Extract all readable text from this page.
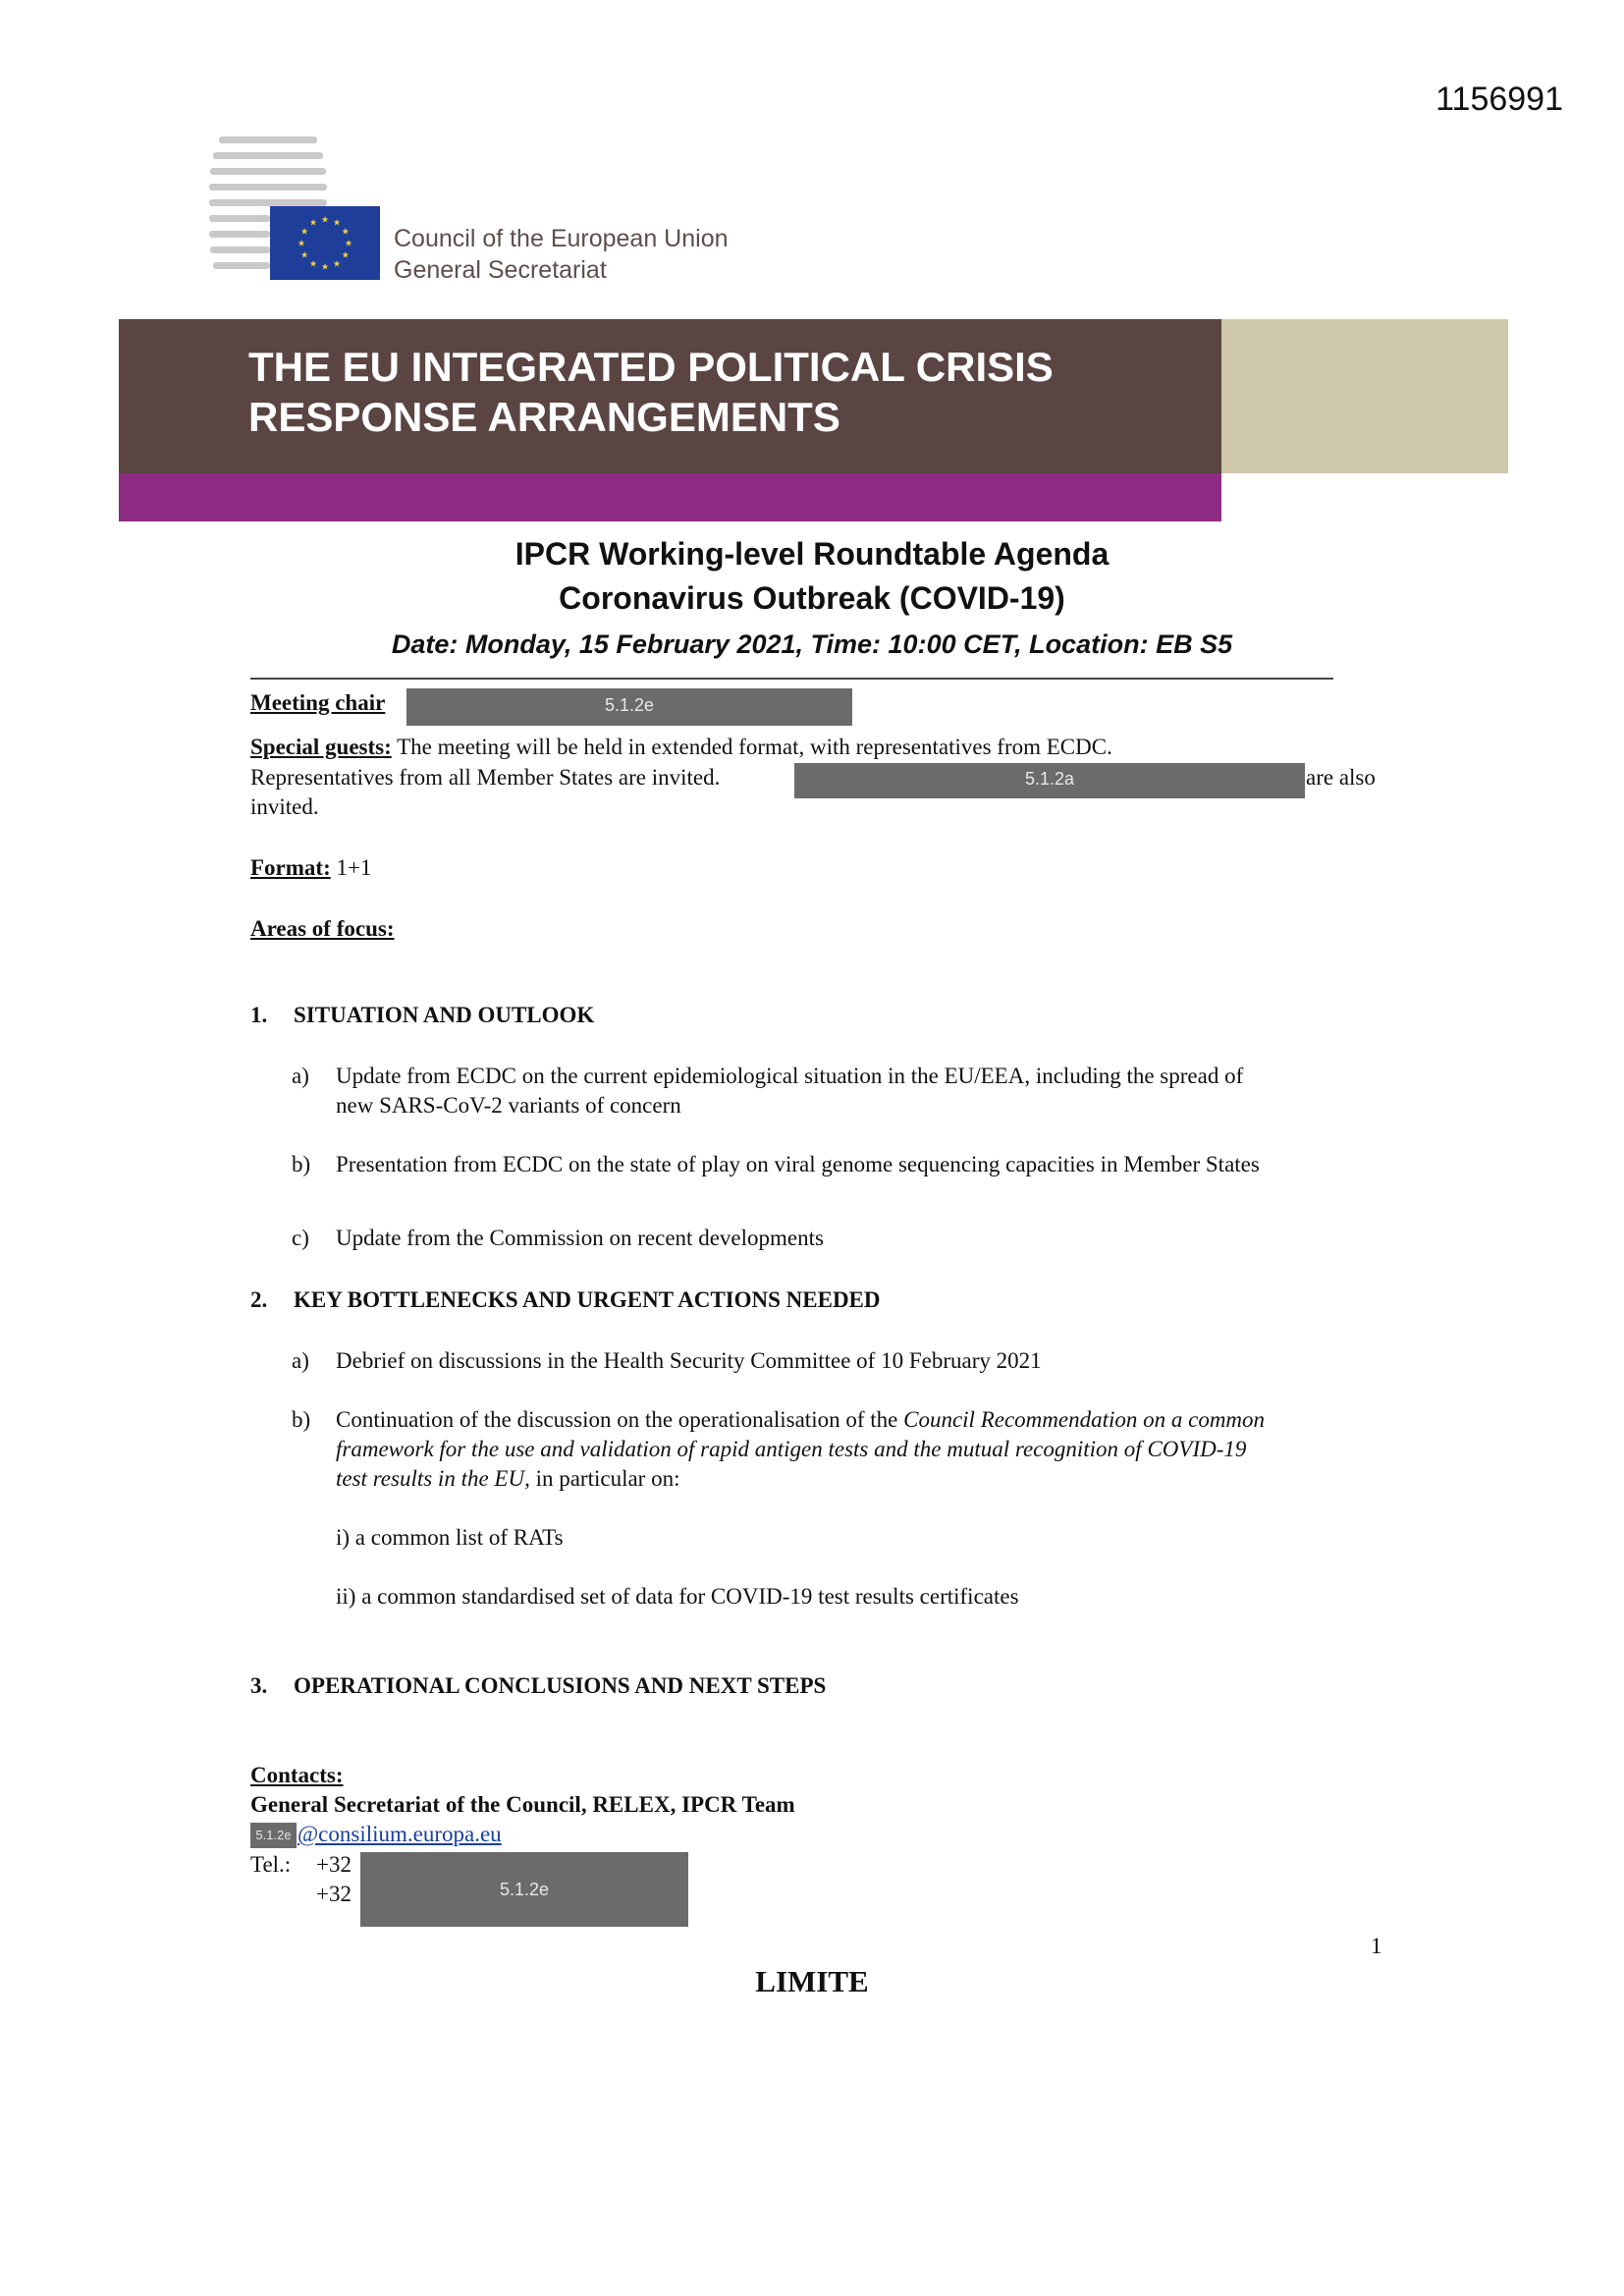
1156991
★ ★
★
★
★
★
★
★
★
★
★
★
Council of the European Union
General Secretariat
THE EU INTEGRATED POLITICAL CRISIS
RESPONSE ARRANGEMENTS
IPCR Working-level Roundtable Agenda
Coronavirus Outbreak (COVID-19)
Date: Monday, 15 February 2021, Time: 10:00 CET, Location: EB S5
Meeting chair	5.1.2e
Special guests: The meeting will be held in extended format, with representatives from ECDC.
Representatives from all Member States are invited.	5.1.2a	are also
invited.
Format: 1+1
Areas of focus:
1. SITUATION AND OUTLOOK
a) Update from ECDC on the current epidemiological situation in the EU/EEA, including the spread of
new SARS-CoV-2 variants of concern
b) Presentation from ECDC on the state of play on viral genome sequencing capacities in Member States
c) Update from the Commission on recent developments
2. KEY BOTTLENECKS AND URGENT ACTIONS NEEDED
a) Debrief on discussions in the Health Security Committee of 10 February 2021
b) Continuation of the discussion on the operationalisation of the Council Recommendation on a common
framework for the use and validation of rapid antigen tests and the mutual recognition of COVID-19
test results in the EU, in particular on:
i) a common list of RATs
ii) a common standardised set of data for COVID-19 test results certificates
3. OPERATIONAL CONCLUSIONS AND NEXT STEPS
Contacts:
General Secretariat of the Council, RELEX, IPCR Team
5.1.2e @consilium.europa.eu
Tel.: +32
+32	5.1.2e
1
LIMITE
